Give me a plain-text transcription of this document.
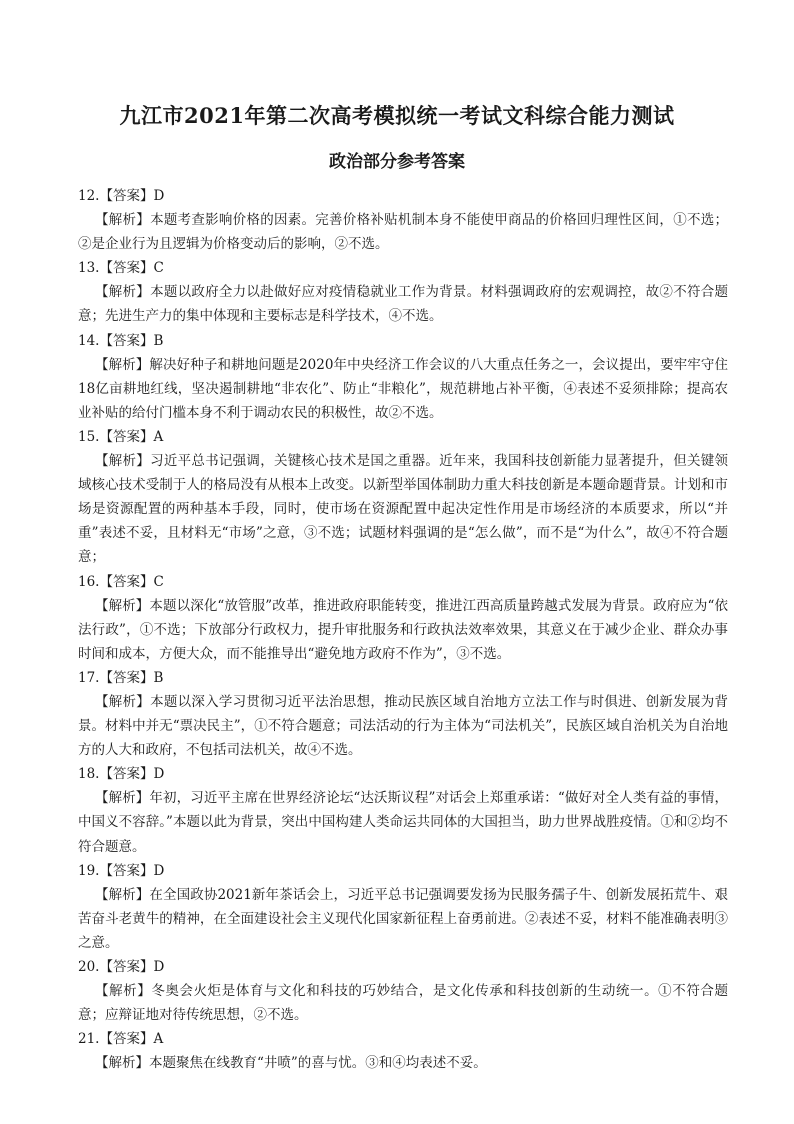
九江市2021年第二次高考模拟统一考试文科综合能力测试
政治部分参考答案

12.【答案】D

【解析】本题考查影响价格的因素。完善价格补贴机制本身不能使甲商品的价格回归理性区间，①不选；②是企业行为且逻辑为价格变动后的影响，②不选。

13.【答案】C

【解析】本题以政府全力以赴做好应对疫情稳就业工作为背景。材料强调政府的宏观调控，故②不符合题意；先进生产力的集中体现和主要标志是科学技术，④不选。

14.【答案】B

【解析】解决好种子和耕地问题是2020年中央经济工作会议的八大重点任务之一，会议提出，要牢牢守住18亿亩耕地红线，坚决遏制耕地“非农化”、防止“非粮化”，规范耕地占补平衡，④表述不妥须排除；提高农业补贴的给付门槛本身不利于调动农民的积极性，故②不选。

15.【答案】A

【解析】习近平总书记强调，关键核心技术是国之重器。近年来，我国科技创新能力显著提升，但关键领域核心技术受制于人的格局没有从根本上改变。以新型举国体制助力重大科技创新是本题命题背景。计划和市场是资源配置的两种基本手段，同时，使市场在资源配置中起决定性作用是市场经济的本质要求，所以“并重”表述不妥，且材料无“市场”之意，③不选；试题材料强调的是“怎么做”，而不是“为什么”，故④不符合题意；

16.【答案】C

【解析】本题以深化“放管服”改革，推进政府职能转变，推进江西高质量跨越式发展为背景。政府应为“依法行政”，①不选；下放部分行政权力，提升审批服务和行政执法效率效果，其意义在于减少企业、群众办事时间和成本，方便大众，而不能推导出“避免地方政府不作为”，③不选。

17.【答案】B

【解析】本题以深入学习贯彻习近平法治思想，推动民族区域自治地方立法工作与时俱进、创新发展为背景。材料中并无“票决民主”，①不符合题意；司法活动的行为主体为“司法机关”，民族区域自治机关为自治地方的人大和政府，不包括司法机关，故④不选。

18.【答案】D

【解析】年初，习近平主席在世界经济论坛“达沃斯议程”对话会上郑重承诺：“做好对全人类有益的事情，中国义不容辞。”本题以此为背景，突出中国构建人类命运共同体的大国担当，助力世界战胜疫情。①和②均不符合题意。

19.【答案】D

【解析】在全国政协2021新年茶话会上，习近平总书记强调要发扬为民服务孺子牛、创新发展拓荒牛、艰苦奋斗老黄牛的精神，在全面建设社会主义现代化国家新征程上奋勇前进。②表述不妥，材料不能准确表明③之意。

20.【答案】D

【解析】冬奥会火炬是体育与文化和科技的巧妙结合，是文化传承和科技创新的生动统一。①不符合题意；应辩证地对待传统思想，②不选。

21.【答案】A

【解析】本题聚焦在线教育“井喷”的喜与忧。③和④均表述不妥。
